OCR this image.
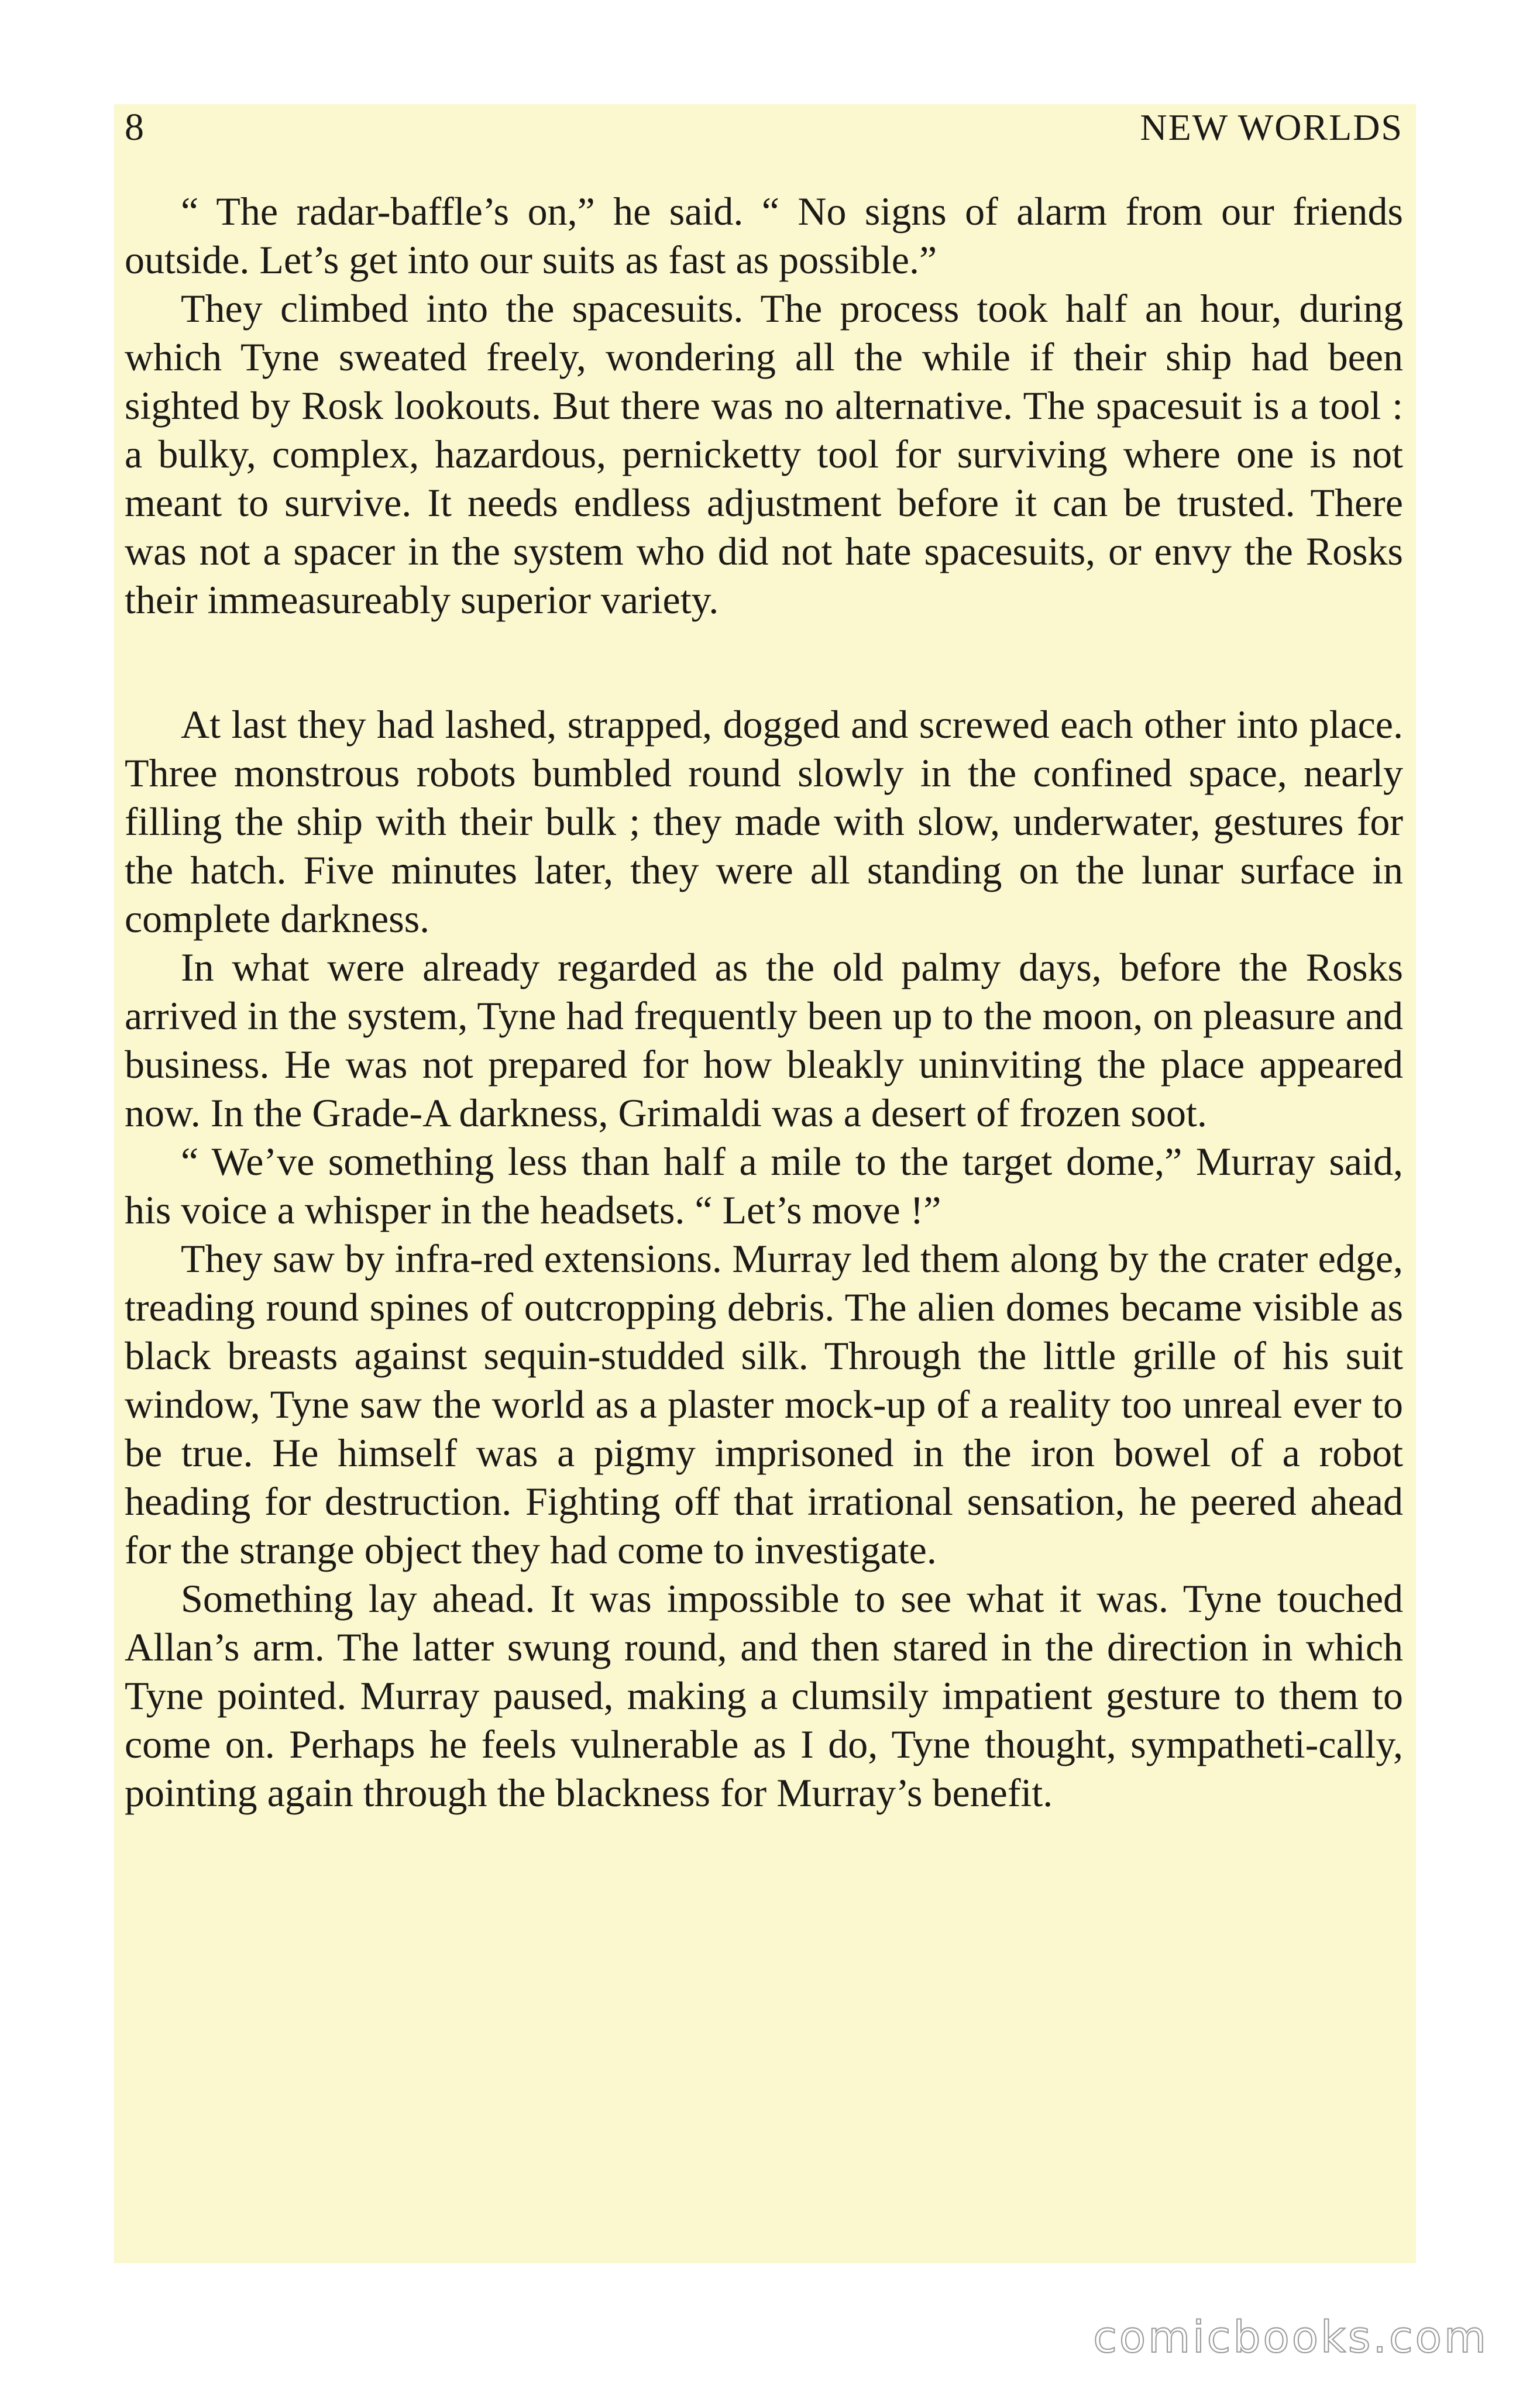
8	NEW WORLDS

“ The radar-baffle’s on,” he said. “ No signs of alarm from our friends outside. Let’s get into our suits as fast as possible.”

They climbed into the spacesuits. The process took half an hour, during which Tyne sweated freely, wondering all the while if their ship had been sighted by Rosk lookouts. But there was no alternative. The spacesuit is a tool : a bulky, complex, hazardous, pernicketty tool for surviving where one is not meant to survive. It needs endless adjustment before it can be trusted. There was not a spacer in the system who did not hate spacesuits, or envy the Rosks their immeasureably superior variety.

At last they had lashed, strapped, dogged and screwed each other into place. Three monstrous robots bumbled round slowly in the confined space, nearly filling the ship with their bulk ; they made with slow, underwater, gestures for the hatch. Five minutes later, they were all standing on the lunar surface in complete darkness.

In what were already regarded as the old palmy days, before the Rosks arrived in the system, Tyne had frequently been up to the moon, on pleasure and business. He was not prepared for how bleakly uninviting the place appeared now. In the Grade-A darkness, Grimaldi was a desert of frozen soot.

“ We’ve something less than half a mile to the target dome,” Murray said, his voice a whisper in the headsets. “ Let’s move !”

They saw by infra-red extensions. Murray led them along by the crater edge, treading round spines of outcropping debris. The alien domes became visible as black breasts against sequin-studded silk. Through the little grille of his suit window, Tyne saw the world as a plaster mock-up of a reality too unreal ever to be true. He himself was a pigmy imprisoned in the iron bowel of a robot heading for destruction. Fighting off that irrational sensation, he peered ahead for the strange object they had come to investigate.

Something lay ahead. It was impossible to see what it was. Tyne touched Allan’s arm. The latter swung round, and then stared in the direction in which Tyne pointed. Murray paused, making a clumsily impatient gesture to them to come on. Perhaps he feels vulnerable as I do, Tyne thought, sympatheti-cally, pointing again through the blackness for Murray’s benefit.

comicbooks.com
